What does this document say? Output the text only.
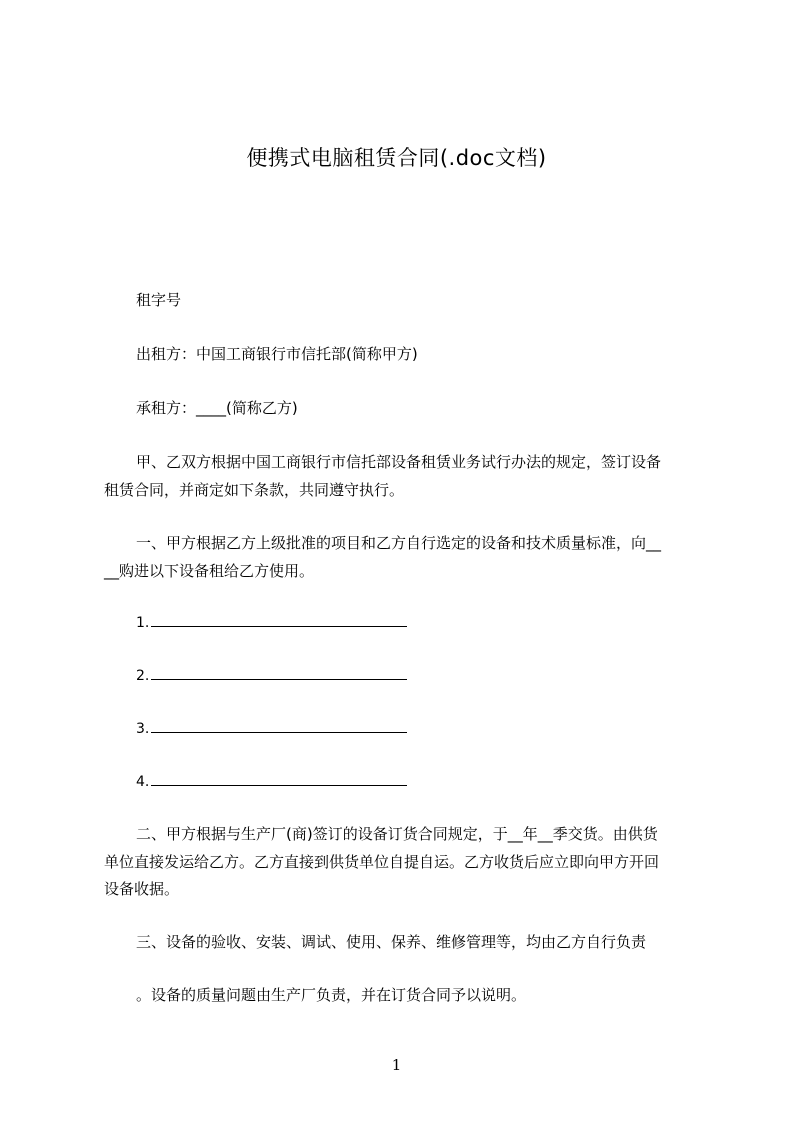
便携式电脑租赁合同(.doc文档)
租字号
出租方：中国工商银行市信托部(简称甲方)
承租方：____(简称乙方)
甲、乙双方根据中国工商银行市信托部设备租赁业务试行办法的规定，签订设备
租赁合同，并商定如下条款，共同遵守执行。
一、甲方根据乙方上级批准的项目和乙方自行选定的设备和技术质量标准，向__
__购进以下设备租给乙方使用。
1.
2.
3.
4.
二、甲方根据与生产厂(商)签订的设备订货合同规定，于__年__季交货。由供货
单位直接发运给乙方。乙方直接到供货单位自提自运。乙方收货后应立即向甲方开回
设备收据。
三、设备的验收、安装、调试、使用、保养、维修管理等，均由乙方自行负责
。设备的质量问题由生产厂负责，并在订货合同予以说明。
1
